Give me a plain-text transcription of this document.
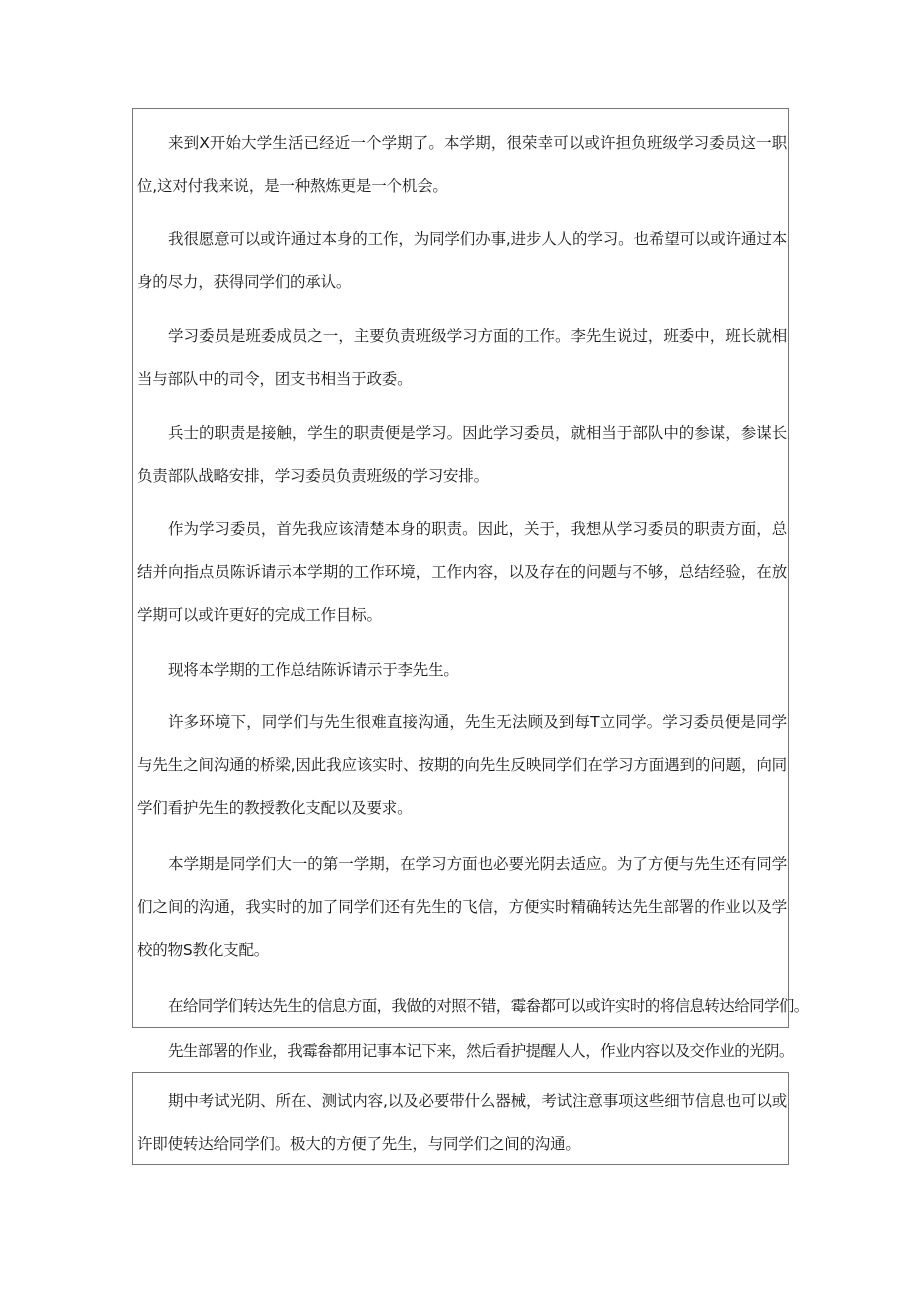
来到X开始大学生活已经近一个学期了。本学期，很荣幸可以或许担负班级学习委员这一职位,这对付我来说，是一种熬炼更是一个机会。

我很愿意可以或许通过本身的工作，为同学们办事,进步人人的学习。也希望可以或许通过本身的尽力，获得同学们的承认。

学习委员是班委成员之一，主要负责班级学习方面的工作。李先生说过，班委中，班长就相当与部队中的司令，团支书相当于政委。

兵士的职责是接触，学生的职责便是学习。因此学习委员，就相当于部队中的参谋，参谋长负责部队战略安排，学习委员负责班级的学习安排。

作为学习委员，首先我应该清楚本身的职责。因此，关于，我想从学习委员的职责方面，总结并向指点员陈诉请示本学期的工作环境，工作内容，以及存在的问题与不够，总结经验，在放学期可以或许更好的完成工作目标。

现将本学期的工作总结陈诉请示于李先生。

许多环境下，同学们与先生很难直接沟通，先生无法顾及到每T立同学。学习委员便是同学与先生之间沟通的桥梁,因此我应该实时、按期的向先生反映同学们在学习方面遇到的问题，向同学们看护先生的教授教化支配以及要求。

本学期是同学们大一的第一学期，在学习方面也必要光阴去适应。为了方便与先生还有同学们之间的沟通，我实时的加了同学们还有先生的飞信，方便实时精确转达先生部署的作业以及学校的物S教化支配。

在给同学们转达先生的信息方面，我做的对照不错，霉畚都可以或许实时的将信息转达给同学们。

先生部署的作业，我霉畚都用记事本记下来，然后看护提醒人人，作业内容以及交作业的光阴。

期中考试光阴、所在、测试内容,以及必要带什么器械，考试注意事项这些细节信息也可以或许即使转达给同学们。极大的方便了先生，与同学们之间的沟通。
